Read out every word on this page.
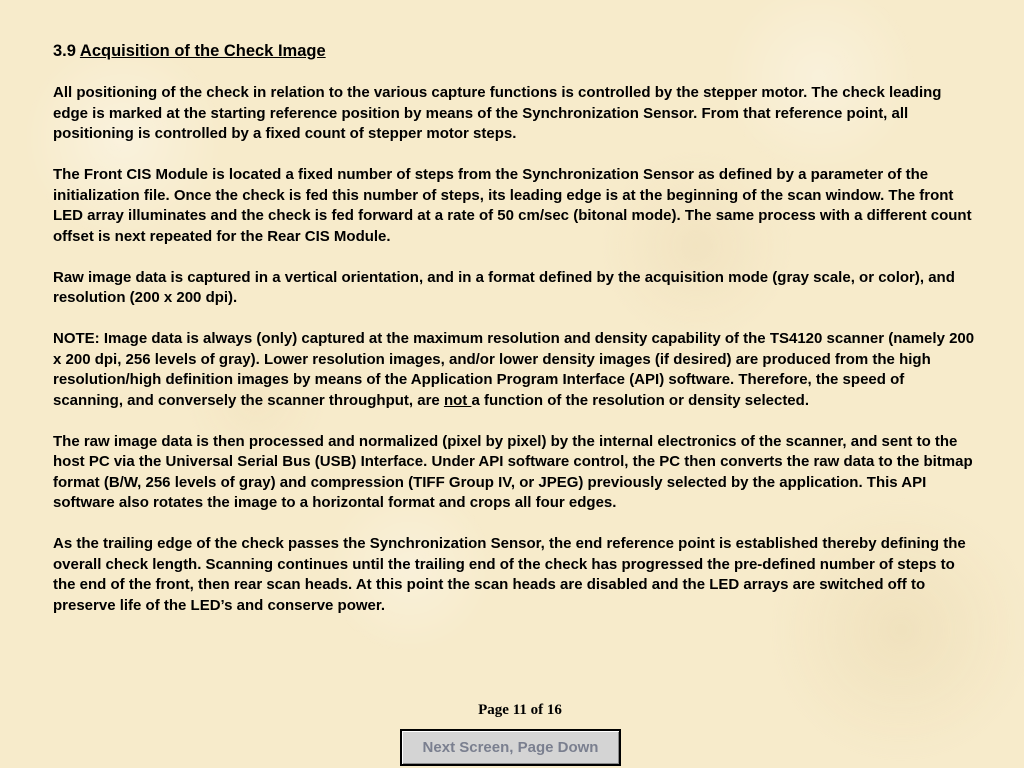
3.9 Acquisition of the Check Image

All positioning of the check in relation to the various capture functions is controlled by the stepper motor. The check leading edge is marked at the starting reference position by means of the Synchronization Sensor. From that reference point, all positioning is controlled by a fixed count of stepper motor steps.

The Front CIS Module is located a fixed number of steps from the Synchronization Sensor as defined by a parameter of the initialization file. Once the check is fed this number of steps, its leading edge is at the beginning of the scan window. The front LED array illuminates and the check is fed forward at a rate of 50 cm/sec (bitonal mode). The same process with a different count offset is next repeated for the Rear CIS Module.

Raw image data is captured in a vertical orientation, and in a format defined by the acquisition mode (gray scale, or color), and resolution (200 x 200 dpi).

NOTE: Image data is always (only) captured at the maximum resolution and density capability of the TS4120 scanner (namely 200 x 200 dpi, 256 levels of gray). Lower resolution images, and/or lower density images (if desired) are produced from the high resolution/high definition images by means of the Application Program Interface (API) software. Therefore, the speed of scanning, and conversely the scanner throughput, are not a function of the resolution or density selected.

The raw image data is then processed and normalized (pixel by pixel) by the internal electronics of the scanner, and sent to the host PC via the Universal Serial Bus (USB) Interface. Under API software control, the PC then converts the raw data to the bitmap format (B/W, 256 levels of gray) and compression (TIFF Group IV, or JPEG) previously selected by the application. This API software also rotates the image to a horizontal format and crops all four edges.

As the trailing edge of the check passes the Synchronization Sensor, the end reference point is established thereby defining the overall check length. Scanning continues until the trailing end of the check has progressed the pre-defined number of steps to the end of the front, then rear scan heads. At this point the scan heads are disabled and the LED arrays are switched off to preserve life of the LED’s and conserve power.

Page 11 of 16
Next Screen, Page Down
